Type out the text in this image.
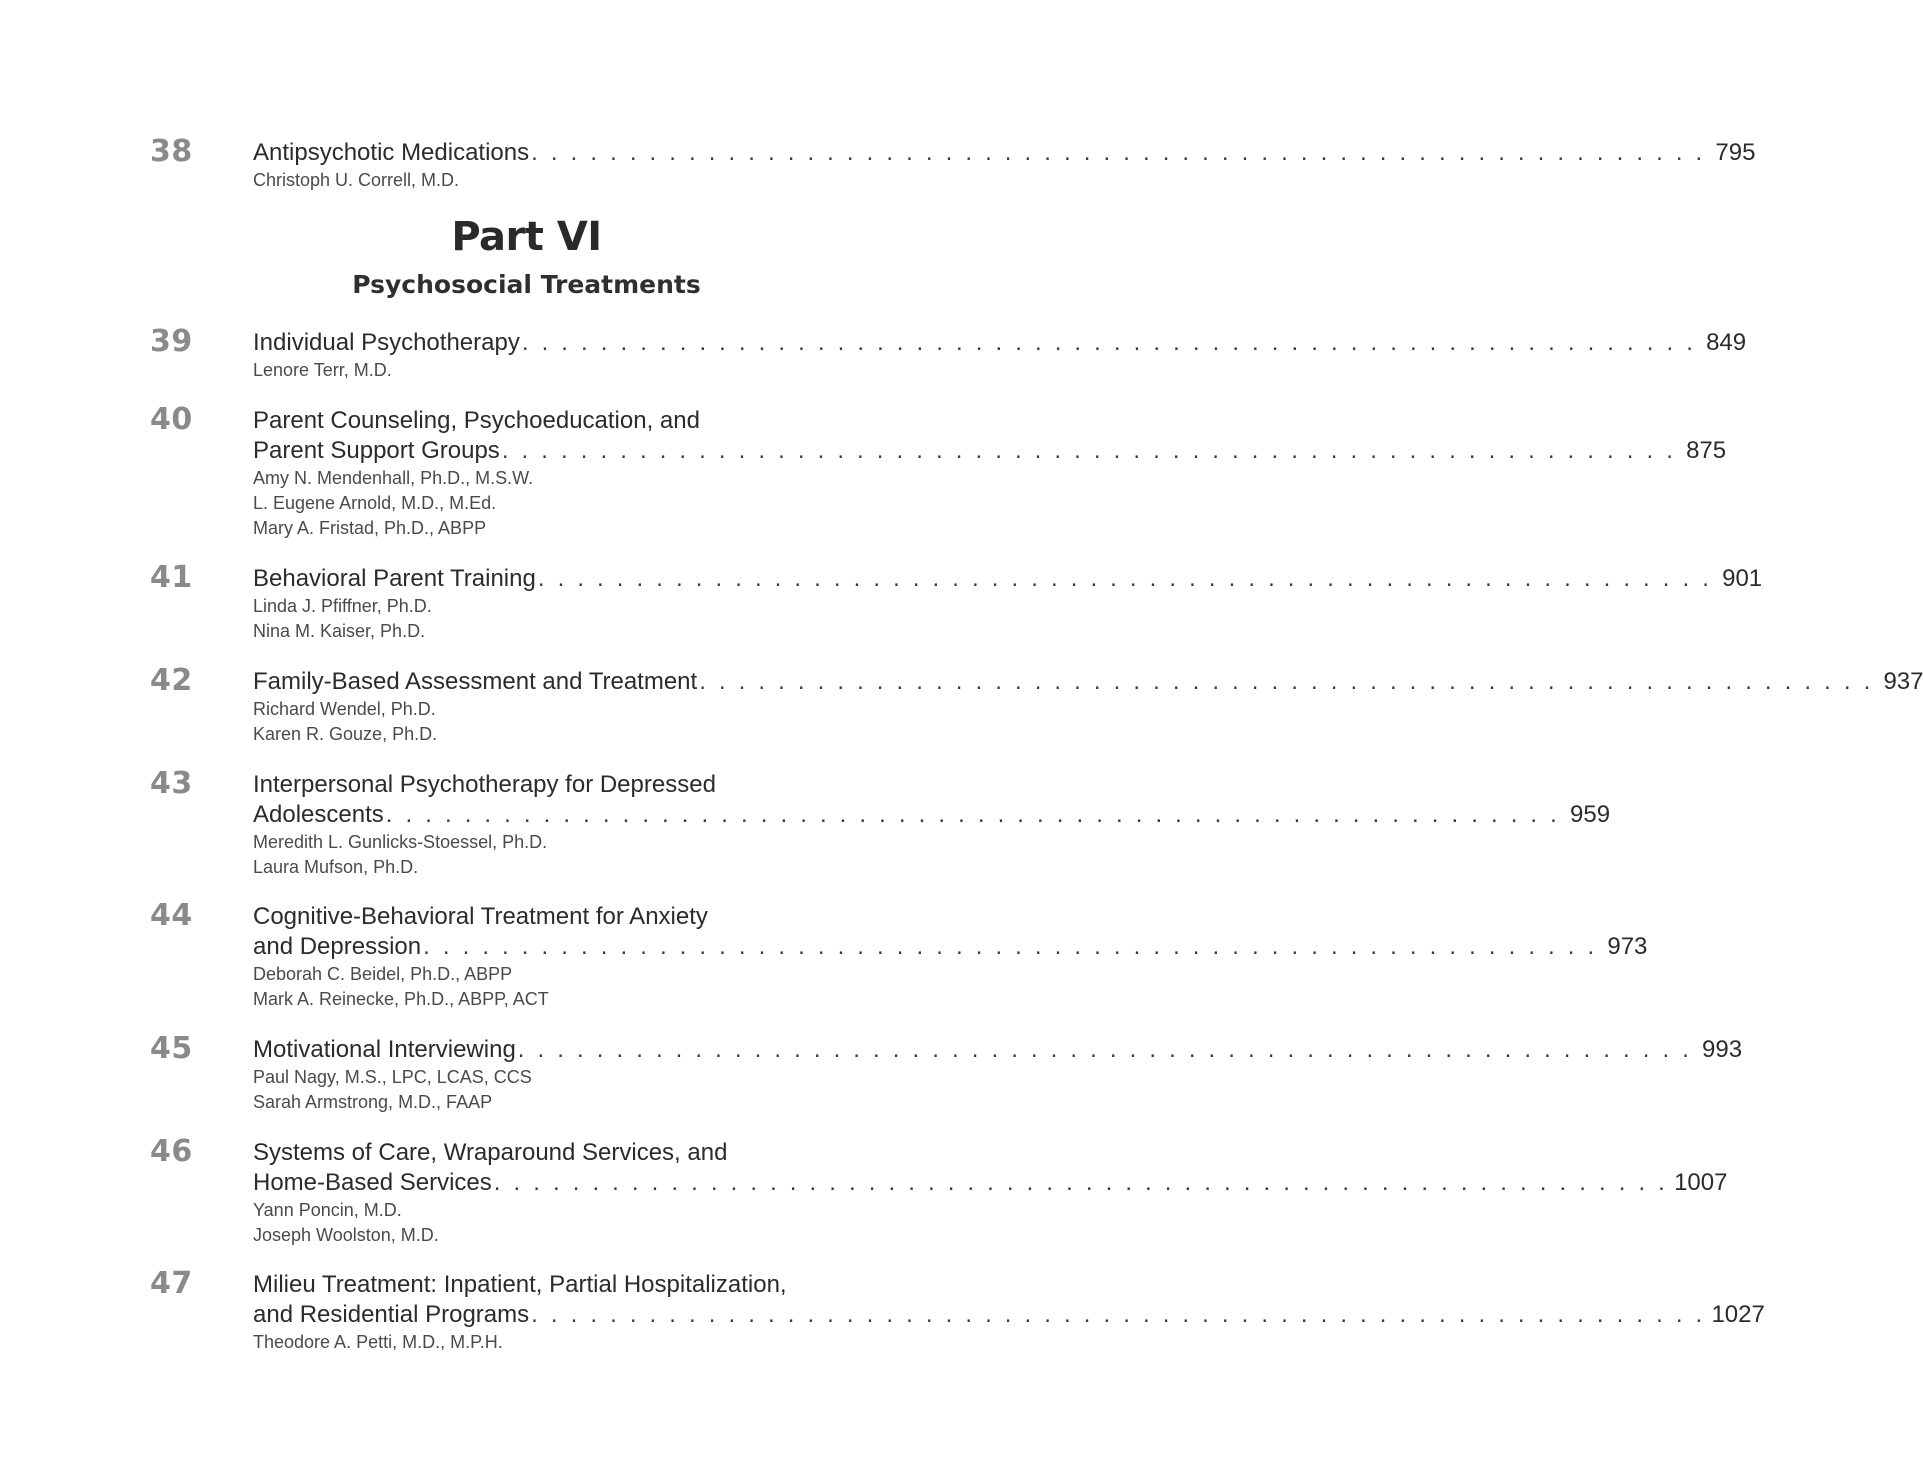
38	Antipsychotic Medications . . . . . . . . . . . . . . . . . . . . . . . . . . . . . . . . . . . . . . . . . . . . . . . . . . . . . . . . . . . . 795
Christoph U. Correll, M.D.
Part VI
Psychosocial Treatments
39	Individual Psychotherapy . . . . . . . . . . . . . . . . . . . . . . . . . . . . . . . . . . . . . . . . . . . . . . . . . . . . . . . . . . . . 849
Lenore Terr, M.D.
40	Parent Counseling, Psychoeducation, and
Parent Support Groups . . . . . . . . . . . . . . . . . . . . . . . . . . . . . . . . . . . . . . . . . . . . . . . . . . . . . . . . . . . . 875
Amy N. Mendenhall, Ph.D., M.S.W.
L. Eugene Arnold, M.D., M.Ed.
Mary A. Fristad, Ph.D., ABPP
41	Behavioral Parent Training . . . . . . . . . . . . . . . . . . . . . . . . . . . . . . . . . . . . . . . . . . . . . . . . . . . . . . . . . . . . 901
Linda J. Pfiffner, Ph.D.
Nina M. Kaiser, Ph.D.
42	Family-Based Assessment and Treatment . . . . . . . . . . . . . . . . . . . . . . . . . . . . . . . . . . . . . . . . . . . . . . . . . . . . . . . . . . . . 937
Richard Wendel, Ph.D.
Karen R. Gouze, Ph.D.
43	Interpersonal Psychotherapy for Depressed
Adolescents . . . . . . . . . . . . . . . . . . . . . . . . . . . . . . . . . . . . . . . . . . . . . . . . . . . . . . . . . . . . 959
Meredith L. Gunlicks-Stoessel, Ph.D.
Laura Mufson, Ph.D.
44	Cognitive-Behavioral Treatment for Anxiety
and Depression . . . . . . . . . . . . . . . . . . . . . . . . . . . . . . . . . . . . . . . . . . . . . . . . . . . . . . . . . . . . 973
Deborah C. Beidel, Ph.D., ABPP
Mark A. Reinecke, Ph.D., ABPP, ACT
45	Motivational Interviewing . . . . . . . . . . . . . . . . . . . . . . . . . . . . . . . . . . . . . . . . . . . . . . . . . . . . . . . . . . . . 993
Paul Nagy, M.S., LPC, LCAS, CCS
Sarah Armstrong, M.D., FAAP
46	Systems of Care, Wraparound Services, and
Home-Based Services . . . . . . . . . . . . . . . . . . . . . . . . . . . . . . . . . . . . . . . . . . . . . . . . . . . . . . . . . . . . 1007
Yann Poncin, M.D.
Joseph Woolston, M.D.
47	Milieu Treatment: Inpatient, Partial Hospitalization,
and Residential Programs . . . . . . . . . . . . . . . . . . . . . . . . . . . . . . . . . . . . . . . . . . . . . . . . . . . . . . . . . . . . 1027
Theodore A. Petti, M.D., M.P.H.
